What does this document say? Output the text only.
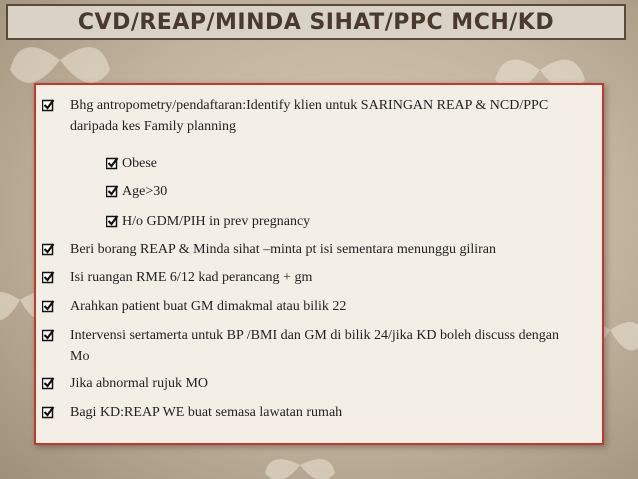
CVD/REAP/MINDA SIHAT/PPC MCH/KD
Bhg antropometry/pendaftaran:Identify klien untuk SARINGAN REAP & NCD/PPC daripada kes Family planning
Obese
Age>30
H/o GDM/PIH in prev pregnancy
Beri borang REAP & Minda sihat –minta pt isi sementara menunggu giliran
Isi ruangan RME 6/12 kad perancang + gm
Arahkan patient buat GM dimakmal atau bilik 22
Intervensi sertamerta untuk BP /BMI dan GM di bilik 24/jika KD boleh discuss dengan Mo
Jika abnormal rujuk MO
Bagi KD:REAP WE buat semasa lawatan rumah
